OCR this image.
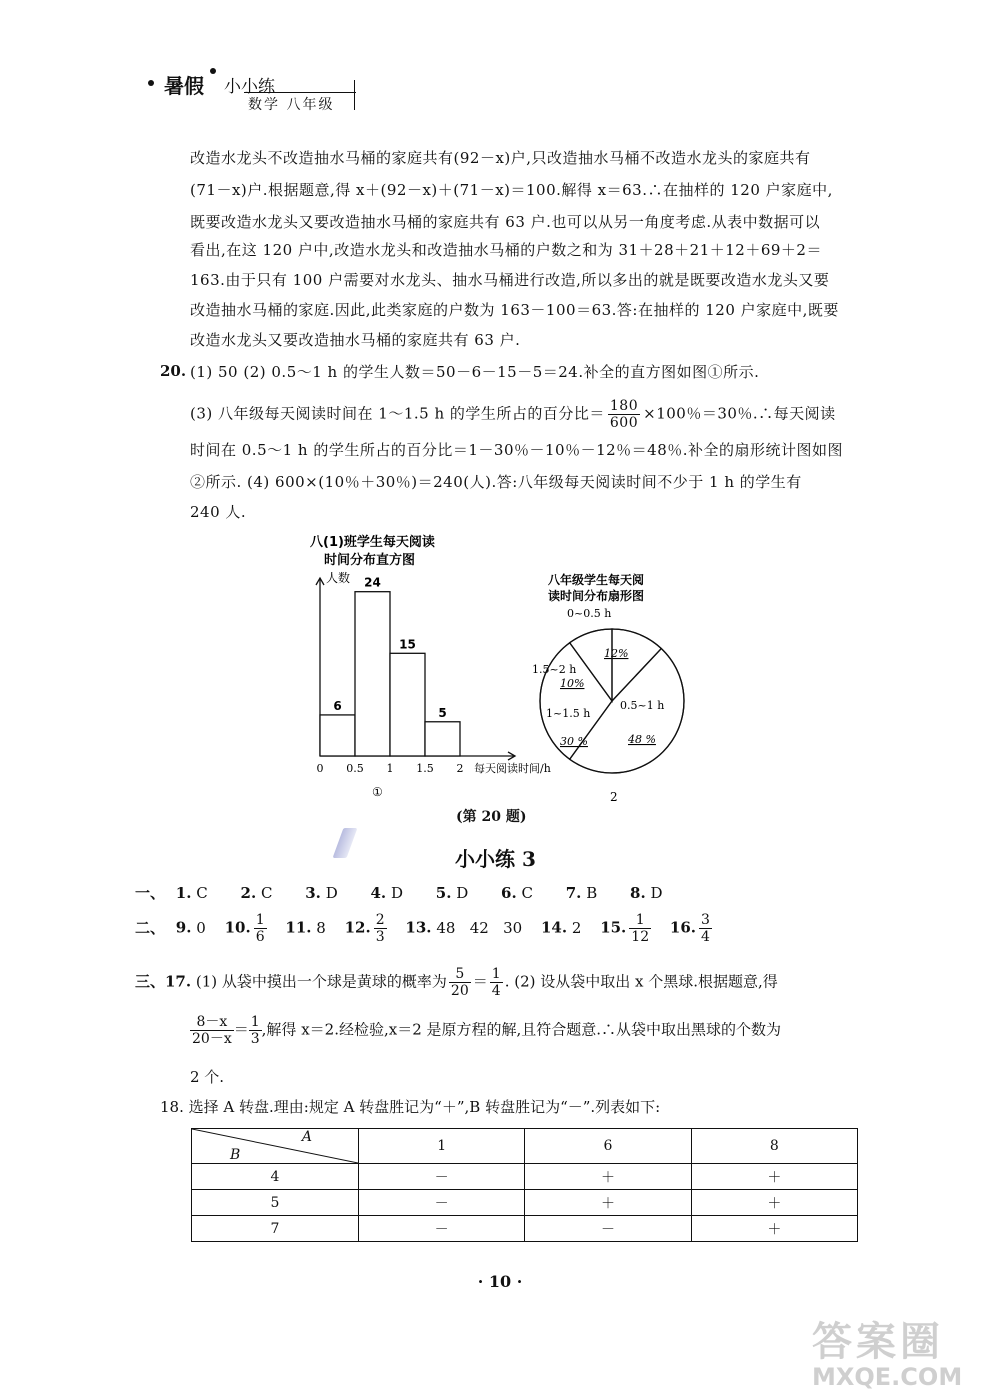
暑假 小小练
数学 八年级
改造水龙头不改造抽水马桶的家庭共有(92－x)户,只改造抽水马桶不改造水龙头的家庭共有
(71－x)户.根据题意,得 x＋(92－x)＋(71－x)＝100.解得 x＝63.∴在抽样的 120 户家庭中,
既要改造水龙头又要改造抽水马桶的家庭共有 63 户.也可以从另一角度考虑.从表中数据可以
看出,在这 120 户中,改造水龙头和改造抽水马桶的户数之和为 31＋28＋21＋12＋69＋2＝
163.由于只有 100 户需要对水龙头、抽水马桶进行改造,所以多出的就是既要改造水龙头又要
改造抽水马桶的家庭.因此,此类家庭的户数为 163－100＝63.答:在抽样的 120 户家庭中,既要
改造水龙头又要改造抽水马桶的家庭共有 63 户.
20. (1) 50 (2) 0.5～1 h 的学生人数＝50－6－15－5＝24.补全的直方图如图①所示.
(3) 八年级每天阅读时间在 1～1.5 h 的学生所占的百分比＝ $\frac{180}{600} \times 100$％＝30％.∴每天阅读
时间在 0.5～1 h 的学生所占的百分比＝1－30％－10％－12％＝48％.补全的扇形统计图如图
②所示. (4) 600×(10％＋30％)＝240(人).答:八年级每天阅读时间不少于 1 h 的学生有
240 人.
八(1)班学生每天阅读
时间分布直方图
人数
6
24
15
5
0 0.5 1 1.5 2 每天阅读时间/h
①
八年级学生每天阅
读时间分布扇形图
0~0.5 h
12%
0.5~1 h
48 %
1~1.5 h
30 %
1.5~2 h
10%
2
(第 20 题)
小小练 3
一、 1. C 2. C 3. D 4. D 5. D 6. C 7. B 8. D
二、 9. 0 10. $\frac{1}{6} 11$. 8 12. $\frac{2}{3} 13$. 48   42   30 14. 2 15. $\frac{1}{12} 16$. $\frac{3}{4}$
三、17. (1) 从袋中摸出一个球是黄球的概率为 $\frac{5}{20} = \frac{1}{4}$ . (2) 设从袋中取出 x 个黑球.根据题意,得
$\frac{8-x}{20-x} = \frac{1}{3}$ ,解得 x＝2.经检验,x＝2 是原方程的解,且符合题意.∴从袋中取出黑球的个数为
2 个.
18. 选择 A 转盘.理由:规定 A 转盘胜记为“＋”,B 转盘胜记为“－”.列表如下:
A
B	1	6	8
4	－	＋	＋
5	－	＋	＋
7	－	－	＋
· 10 ·
答案圈
MXQE.COM
